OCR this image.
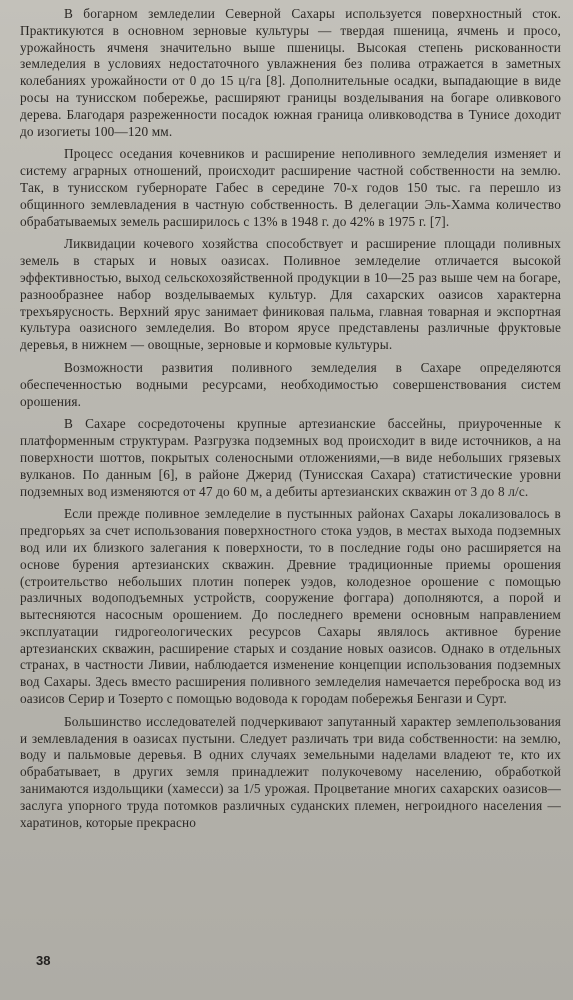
В богарном земледелии Северной Сахары используется поверхностный сток. Практикуются в основном зерновые культуры — твердая пшеница, ячмень и просо, урожайность ячменя значительно выше пшеницы. Высокая степень рискованности земледелия в условиях недостаточного увлажнения без полива отражается в заметных колебаниях урожайности от 0 до 15 ц/га [8]. Дополнительные осадки, выпадающие в виде росы на тунисском побережье, расширяют границы возделывания на богаре оливкового дерева. Благодаря разреженности посадок южная граница оливководства в Тунисе доходит до изогиеты 100—120 мм.

Процесс оседания кочевников и расширение неполивного земледелия изменяет и систему аграрных отношений, происходит расширение частной собственности на землю. Так, в тунисском губернорате Габес в середине 70-х годов 150 тыс. га перешло из общинного землевладения в частную собственность. В делегации Эль-Хамма количество обрабатываемых земель расширилось с 13% в 1948 г. до 42% в 1975 г. [7].

Ликвидации кочевого хозяйства способствует и расширение площади поливных земель в старых и новых оазисах. Поливное земледелие отличается высокой эффективностью, выход сельскохозяйственной продукции в 10—25 раз выше чем на богаре, разнообразнее набор возделываемых культур. Для сахарских оазисов характерна трехъярусность. Верхний ярус занимает финиковая пальма, главная товарная и экспортная культура оазисного земледелия. Во втором ярусе представлены различные фруктовые деревья, в нижнем — овощные, зерновые и кормовые культуры.

Возможности развития поливного земледелия в Сахаре определяются обеспеченностью водными ресурсами, необходимостью совершенствования систем орошения.

В Сахаре сосредоточены крупные артезианские бассейны, приуроченные к платформенным структурам. Разгрузка подземных вод происходит в виде источников, а на поверхности шоттов, покрытых соленосными отложениями,—в виде небольших грязевых вулканов. По данным [6], в районе Джерид (Тунисская Сахара) статистические уровни подземных вод изменяются от 47 до 60 м, а дебиты артезианских скважин от 3 до 8 л/с.

Если прежде поливное земледелие в пустынных районах Сахары локализовалось в предгорьях за счет использования поверхностного стока уэдов, в местах выхода подземных вод или их близкого залегания к поверхности, то в последние годы оно расширяется на основе бурения артезианских скважин. Древние традиционные приемы орошения (строительство небольших плотин поперек уэдов, колодезное орошение с помощью различных водоподъемных устройств, сооружение фоггара) дополняются, а порой и вытесняются насосным орошением. До последнего времени основным направлением эксплуатации гидрогеологических ресурсов Сахары являлось активное бурение артезианских скважин, расширение старых и создание новых оазисов. Однако в отдельных странах, в частности Ливии, наблюдается изменение концепции использования подземных вод Сахары. Здесь вместо расширения поливного земледелия намечается переброска вод из оазисов Серир и Тозерто с помощью водовода к городам побережья Бенгази и Сурт.

Большинство исследователей подчеркивают запутанный характер землепользования и землевладения в оазисах пустыни. Следует различать три вида собственности: на землю, воду и пальмовые деревья. В одних случаях земельными наделами владеют те, кто их обрабатывает, в других земля принадлежит полукочевому населению, обработкой занимаются издольщики (хамесси) за 1/5 урожая. Процветание многих сахарских оазисов—заслуга упорного труда потомков различных суданских племен, негроидного населения — харатинов, которые прекрасно

38
